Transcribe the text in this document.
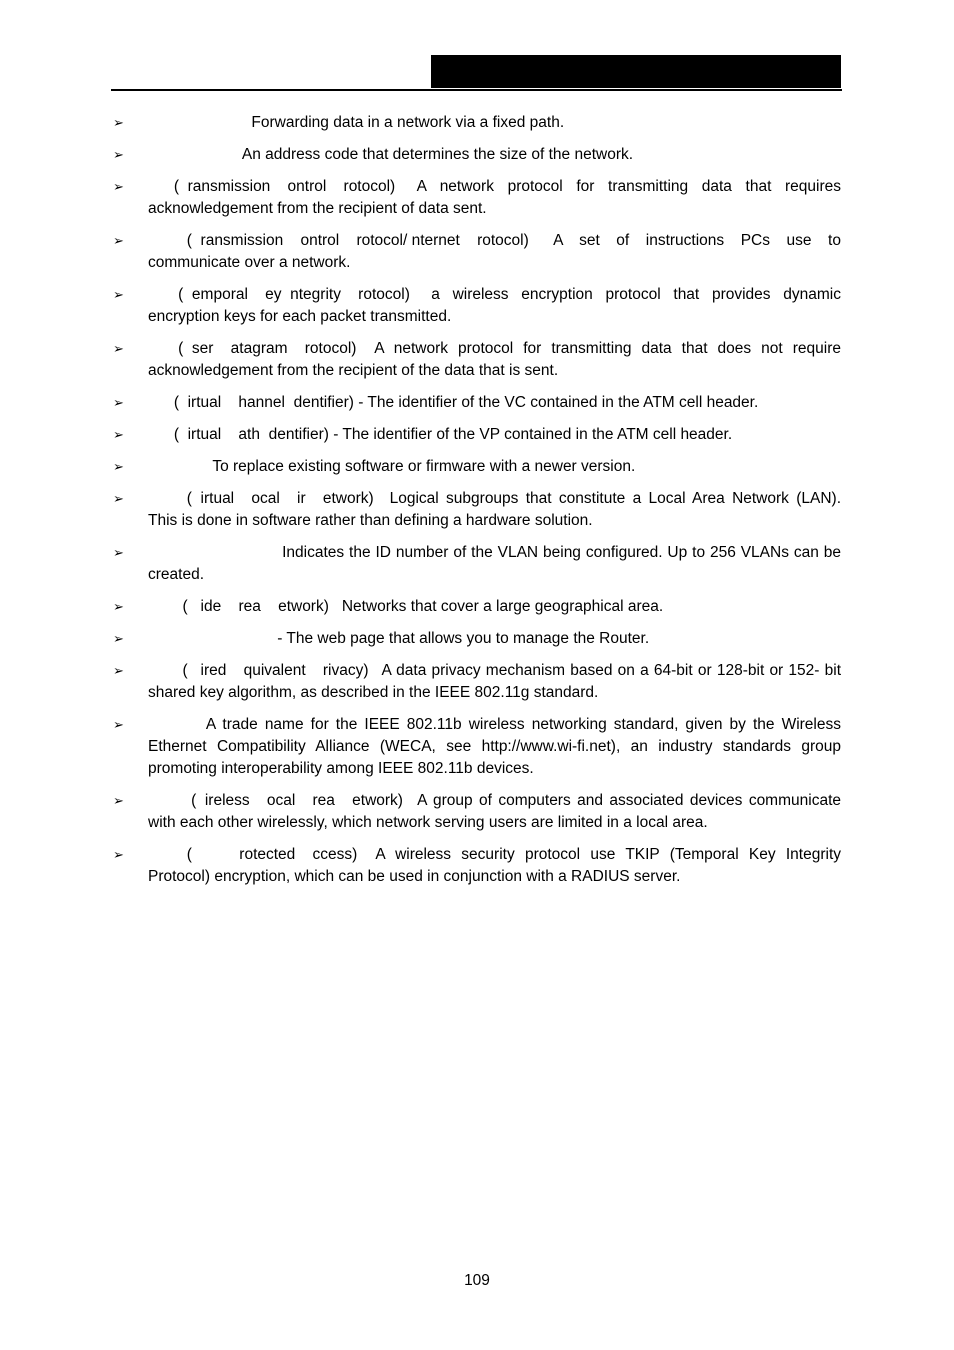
➢	Forwarding data in a network via a fixed path.
➢	An address code that determines the size of the network.
➢ (  ransmission    ontrol    rotocol)   A network protocol for transmitting data that requires acknowledgement from the recipient of data sent.
➢ (  ransmission    ontrol    rotocol/ nternet    rotocol)   A set of instructions PCs use to communicate over a network.
➢ (  emporal    ey  ntegrity    rotocol)   a wireless encryption protocol that provides dynamic encryption keys for each packet transmitted.
➢ (  ser    atagram    rotocol)   A network protocol for transmitting data that does not require acknowledgement from the recipient of the data that is sent.
➢ (  irtual    hannel  dentifier) - The identifier of the VC contained in the ATM cell header.
➢ (  irtual    ath  dentifier) - The identifier of the VP contained in the ATM cell header.
➢	To replace existing software or firmware with a newer version.
➢ (  irtual    ocal    ir    etwork)   Logical subgroups that constitute a Local Area Network (LAN). This is done in software rather than defining a hardware solution.
➢	Indicates the ID number of the VLAN being configured. Up to 256 VLANs can be created.
➢ (   ide    rea    etwork)   Networks that cover a large geographical area.
➢	- The web page that allows you to manage the Router.
➢ (   ired    quivalent    rivacy)   A data privacy mechanism based on a 64-bit or 128-bit or 152- bit shared key algorithm, as described in the IEEE 802.11g standard.
➢	A trade name for the IEEE 802.11b wireless networking standard, given by the Wireless Ethernet Compatibility Alliance (WECA, see http://www.wi-fi.net), an industry standards group promoting interoperability among IEEE 802.11b devices.
➢ (  ireless    ocal    rea    etwork)   A group of computers and associated devices communicate with each other wirelessly, which network serving users are limited in a local area.
➢ (           rotected    ccess)   A wireless security protocol use TKIP (Temporal Key Integrity Protocol) encryption, which can be used in conjunction with a RADIUS server.
109
